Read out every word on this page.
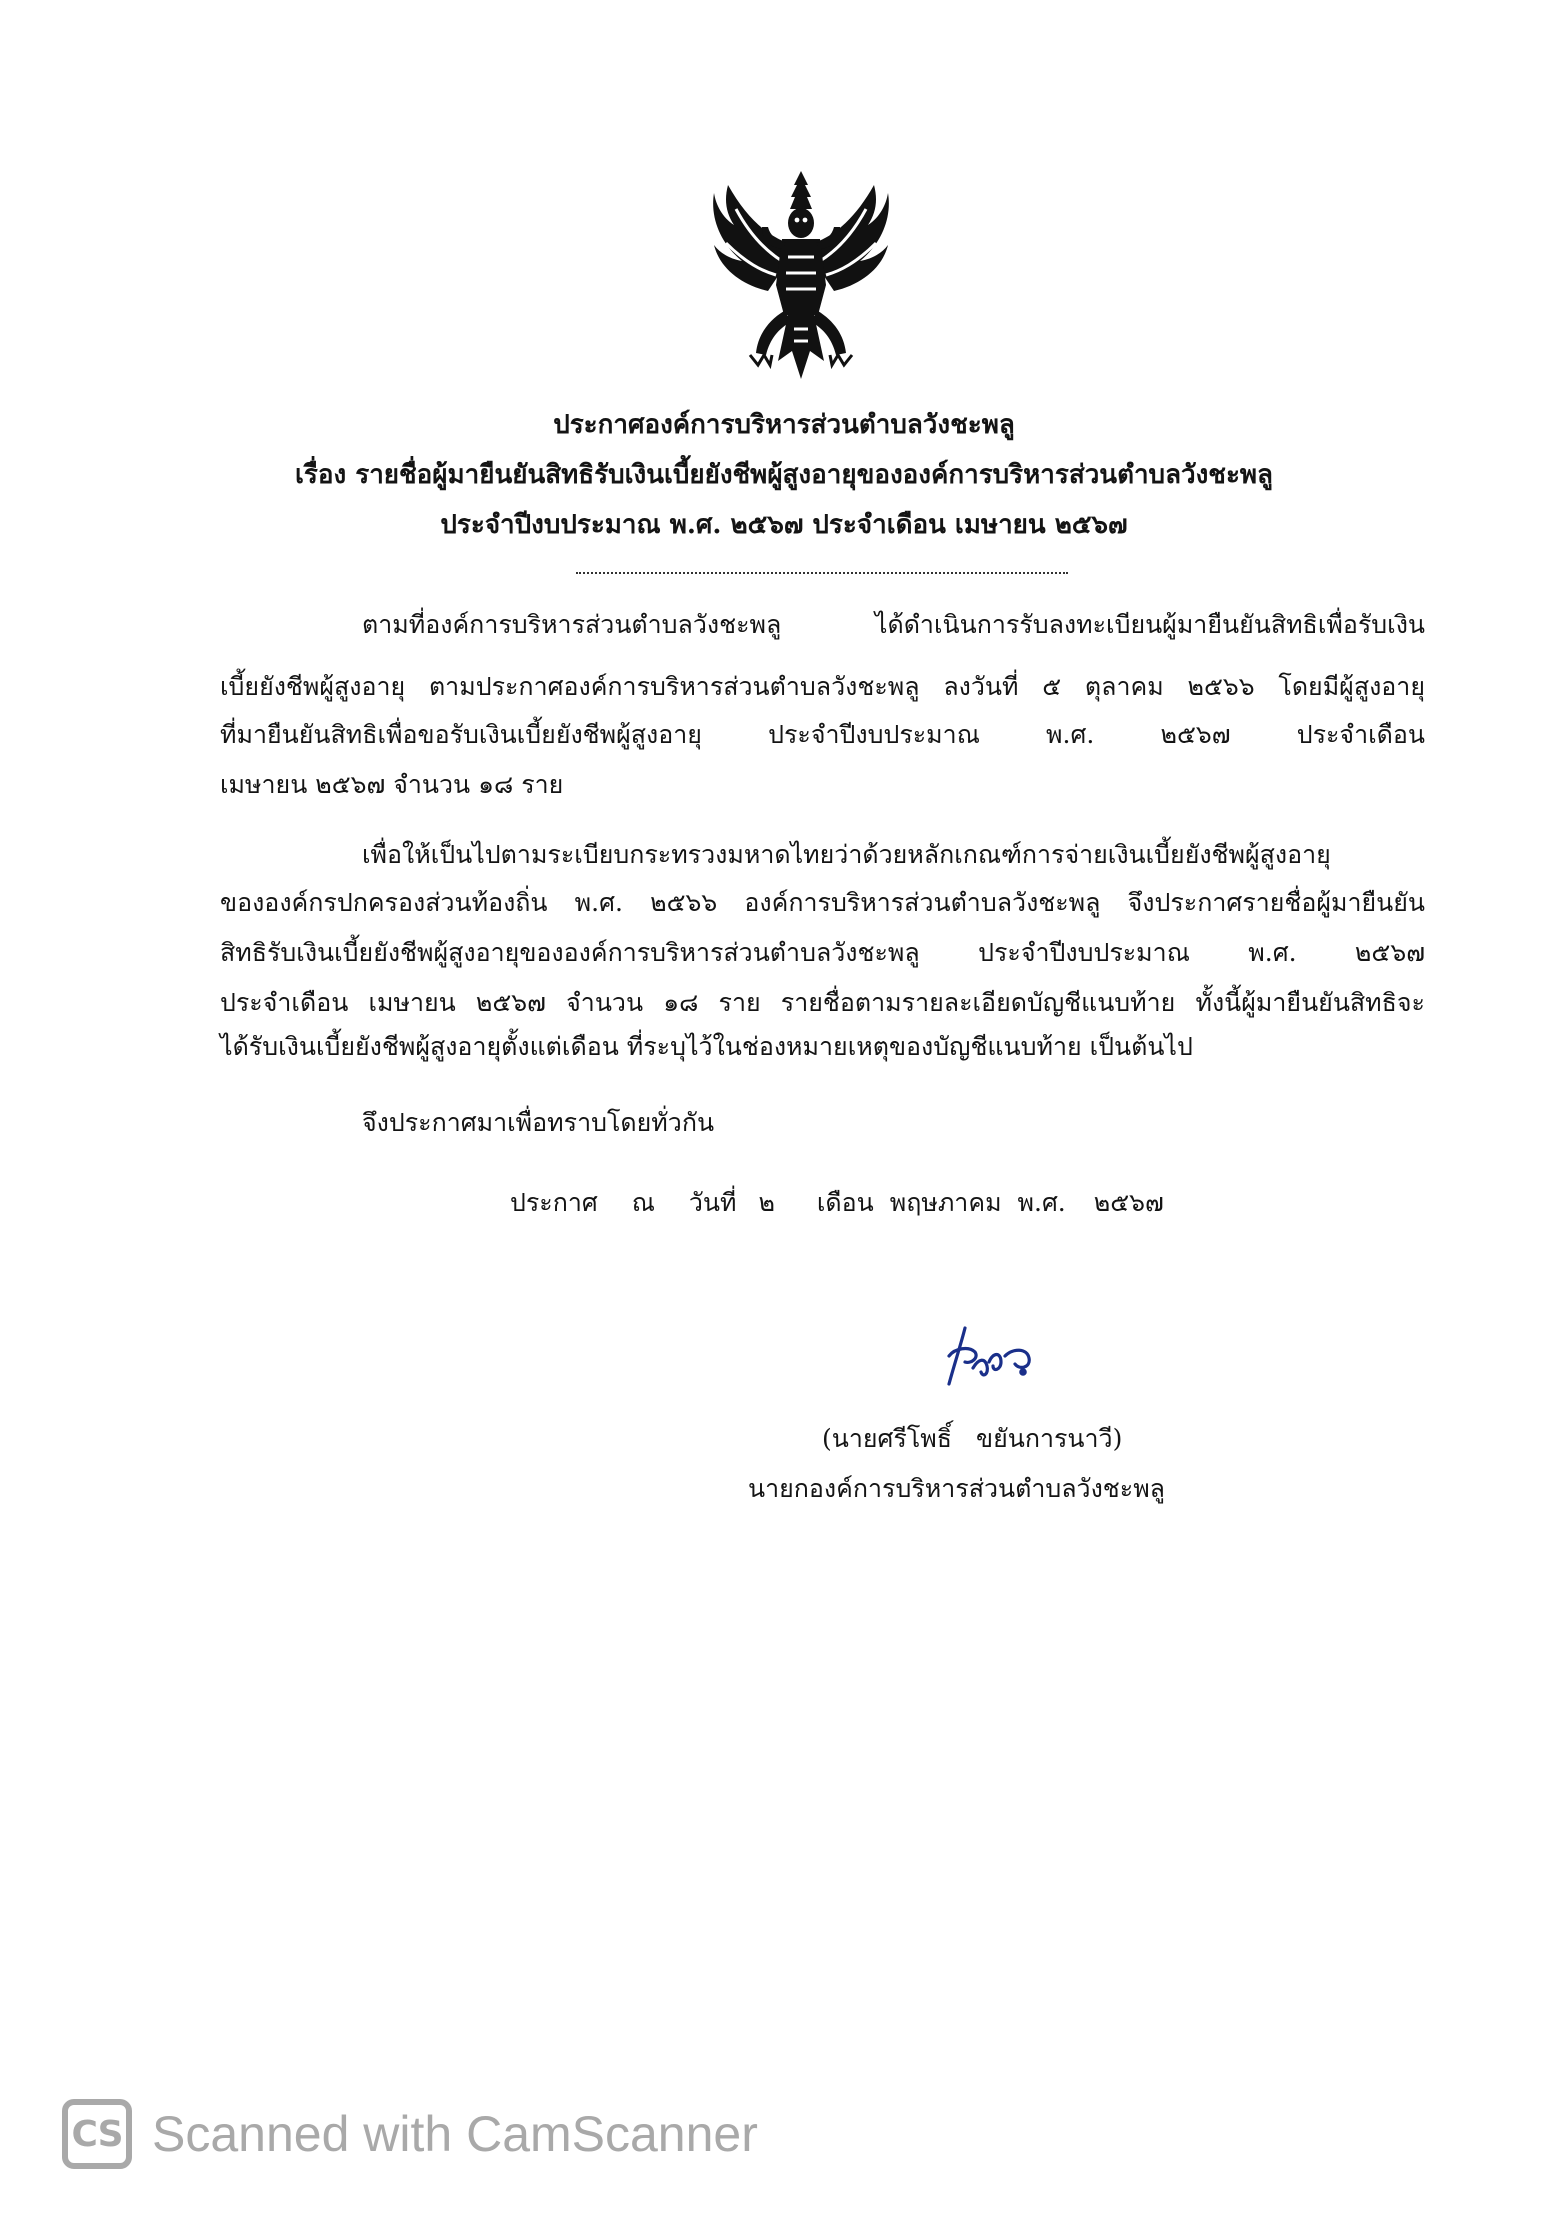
ประกาศองค์การบริหารส่วนตำบลวังชะพลู
เรื่อง รายชื่อผู้มายืนยันสิทธิรับเงินเบี้ยยังชีพผู้สูงอายุขององค์การบริหารส่วนตำบลวังชะพลู
ประจำปีงบประมาณ พ.ศ. ๒๕๖๗ ประจำเดือน เมษายน ๒๕๖๗
ตามที่องค์การบริหารส่วนตำบลวังชะพลู ได้ดำเนินการรับลงทะเบียนผู้มายืนยันสิทธิเพื่อรับเงิน
เบี้ยยังชีพผู้สูงอายุ ตามประกาศองค์การบริหารส่วนตำบลวังชะพลู ลงวันที่ ๕ ตุลาคม ๒๕๖๖ โดยมีผู้สูงอายุ
ที่มายืนยันสิทธิเพื่อขอรับเงินเบี้ยยังชีพผู้สูงอายุ ประจำปีงบประมาณ พ.ศ. ๒๕๖๗ ประจำเดือน
เมษายน ๒๕๖๗ จำนวน ๑๘ ราย
เพื่อให้เป็นไปตามระเบียบกระทรวงมหาดไทยว่าด้วยหลักเกณฑ์การจ่ายเงินเบี้ยยังชีพผู้สูงอายุ
ขององค์กรปกครองส่วนท้องถิ่น พ.ศ. ๒๕๖๖ องค์การบริหารส่วนตำบลวังชะพลู จึงประกาศรายชื่อผู้มายืนยัน
สิทธิรับเงินเบี้ยยังชีพผู้สูงอายุขององค์การบริหารส่วนตำบลวังชะพลู ประจำปีงบประมาณ พ.ศ. ๒๕๖๗
ประจำเดือน เมษายน ๒๕๖๗ จำนวน ๑๘ ราย รายชื่อตามรายละเอียดบัญชีแนบท้าย ทั้งนี้ผู้มายืนยันสิทธิจะ
ได้รับเงินเบี้ยยังชีพผู้สูงอายุตั้งแต่เดือน ที่ระบุไว้ในช่องหมายเหตุของบัญชีแนบท้าย เป็นต้นไป
จึงประกาศมาเพื่อทราบโดยทั่วกัน
ประกาศ ณ วันที่ ๒ เดือน พฤษภาคม พ.ศ. ๒๕๖๗
(นายศรีโพธิ์ ขยันการนาวี)
นายกองค์การบริหารส่วนตำบลวังชะพลู
CS Scanned with CamScanner
